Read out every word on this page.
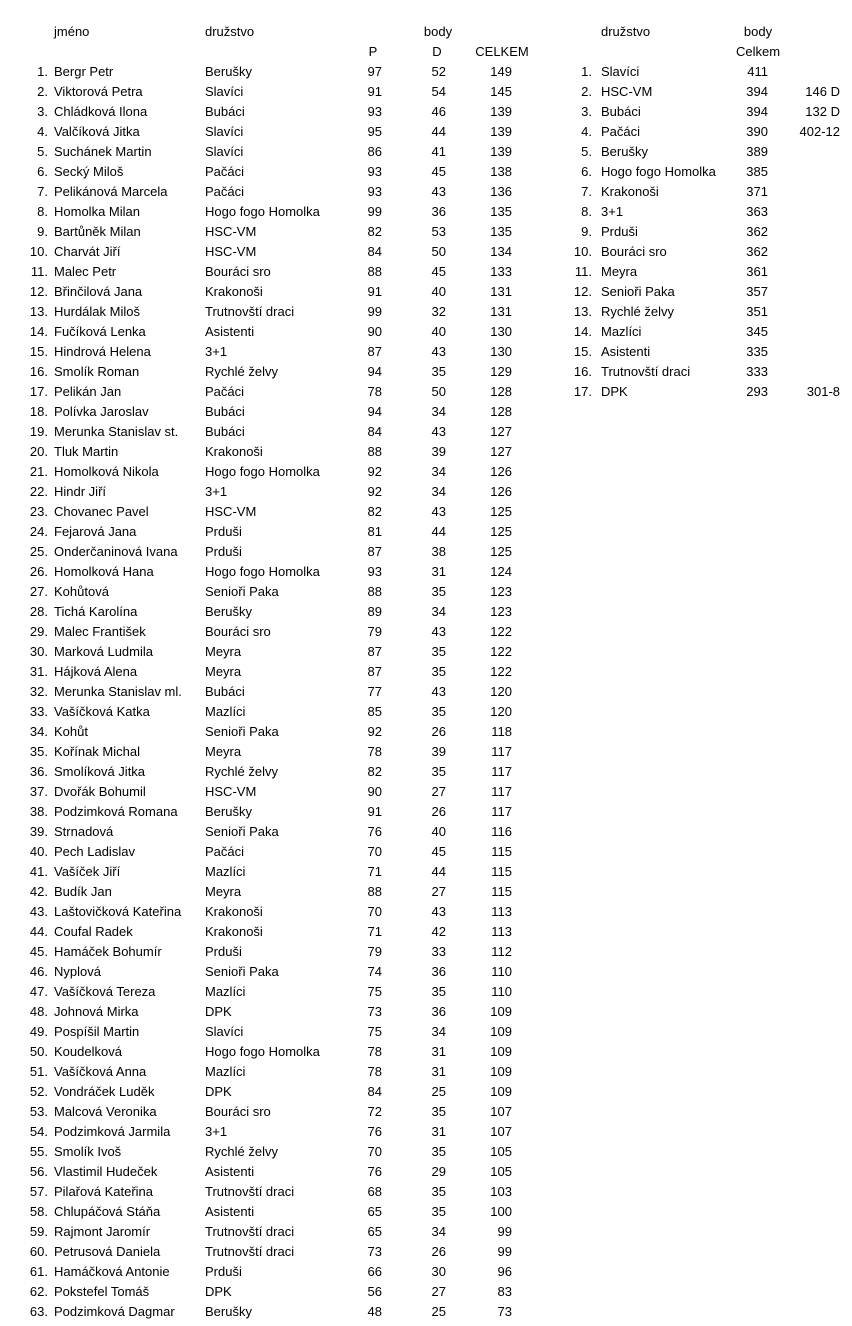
jméno	družstvo	body
P	D	CELKEM
1. Bergr Petr	Berušky	97	52	149
2. Viktorová Petra	Slavíci	91	54	145
3. Chládková Ilona	Bubáci	93	46	139
4. Valčíková Jitka	Slavíci	95	44	139
5. Suchánek Martin	Slavíci	86	41	139
6. Secký Miloš	Pačáci	93	45	138
7. Pelikánová Marcela	Pačáci	93	43	136
8. Homolka Milan	Hogo fogo Homolka	99	36	135
9. Bartůněk Milan	HSC-VM	82	53	135
10. Charvát Jiří	HSC-VM	84	50	134
11. Malec Petr	Bouráci sro	88	45	133
12. Břinčilová Jana	Krakonoši	91	40	131
13. Hurdálak Miloš	Trutnovští draci	99	32	131
14. Fučíková Lenka	Asistenti	90	40	130
15. Hindrová Helena	3+1	87	43	130
16. Smolík Roman	Rychlé želvy	94	35	129
17. Pelikán Jan	Pačáci	78	50	128
18. Polívka Jaroslav	Bubáci	94	34	128
19. Merunka Stanislav st.	Bubáci	84	43	127
20. Tluk Martin	Krakonoši	88	39	127
21. Homolková Nikola	Hogo fogo Homolka	92	34	126
22. Hindr Jiří	3+1	92	34	126
23. Chovanec Pavel	HSC-VM	82	43	125
24. Fejarová Jana	Prduši	81	44	125
25. Onderčaninová Ivana	Prduši	87	38	125
26. Homolková Hana	Hogo fogo Homolka	93	31	124
27. Kohůtová	Senioři Paka	88	35	123
28. Tichá Karolína	Berušky	89	34	123
29. Malec František	Bouráci sro	79	43	122
30. Marková Ludmila	Meyra	87	35	122
31. Hájková Alena	Meyra	87	35	122
32. Merunka Stanislav ml.	Bubáci	77	43	120
33. Vašíčková Katka	Mazlíci	85	35	120
34. Kohůt	Senioři Paka	92	26	118
35. Kořínak Michal	Meyra	78	39	117
36. Smolíková Jitka	Rychlé želvy	82	35	117
37. Dvořák Bohumil	HSC-VM	90	27	117
38. Podzimková Romana	Berušky	91	26	117
39. Strnadová	Senioři Paka	76	40	116
40. Pech Ladislav	Pačáci	70	45	115
41. Vašíček Jiří	Mazlíci	71	44	115
42. Budík Jan	Meyra	88	27	115
43. Laštovičková Kateřina	Krakonoši	70	43	113
44. Coufal Radek	Krakonoši	71	42	113
45. Hamáček Bohumír	Prduši	79	33	112
46. Nyplová	Senioři Paka	74	36	110
47. Vašíčková Tereza	Mazlíci	75	35	110
48. Johnová Mirka	DPK	73	36	109
49. Pospíšil Martin	Slavíci	75	34	109
50. Koudelková	Hogo fogo Homolka	78	31	109
51. Vašíčková Anna	Mazlíci	78	31	109
52. Vondráček Luděk	DPK	84	25	109
53. Malcová Veronika	Bouráci sro	72	35	107
54. Podzimková Jarmila	3+1	76	31	107
55. Smolík Ivoš	Rychlé želvy	70	35	105
56. Vlastimil Hudeček	Asistenti	76	29	105
57. Pilařová Kateřina	Trutnovští draci	68	35	103
58. Chlupáčová Stáňa	Asistenti	65	35	100
59. Rajmont Jaromír	Trutnovští draci	65	34	99
60. Petrusová Daniela	Trutnovští draci	73	26	99
61. Hamáčková Antonie	Prduši	66	30	96
62. Pokstefel Tomáš	DPK	56	27	83
63. Podzimková Dagmar	Berušky	48	25	73
družstvo	body
Celkem
1. Slavíci	411
2. HSC-VM	394	146 D
3. Bubáci	394	132 D
4. Pačáci	390	402-12
5. Berušky	389
6. Hogo fogo Homolka	385
7. Krakonoši	371
8. 3+1	363
9. Prduši	362
10. Bouráci sro	362
11. Meyra	361
12. Senioři Paka	357
13. Rychlé želvy	351
14. Mazlíci	345
15. Asistenti	335
16. Trutnovští draci	333
17. DPK	293	301-8
